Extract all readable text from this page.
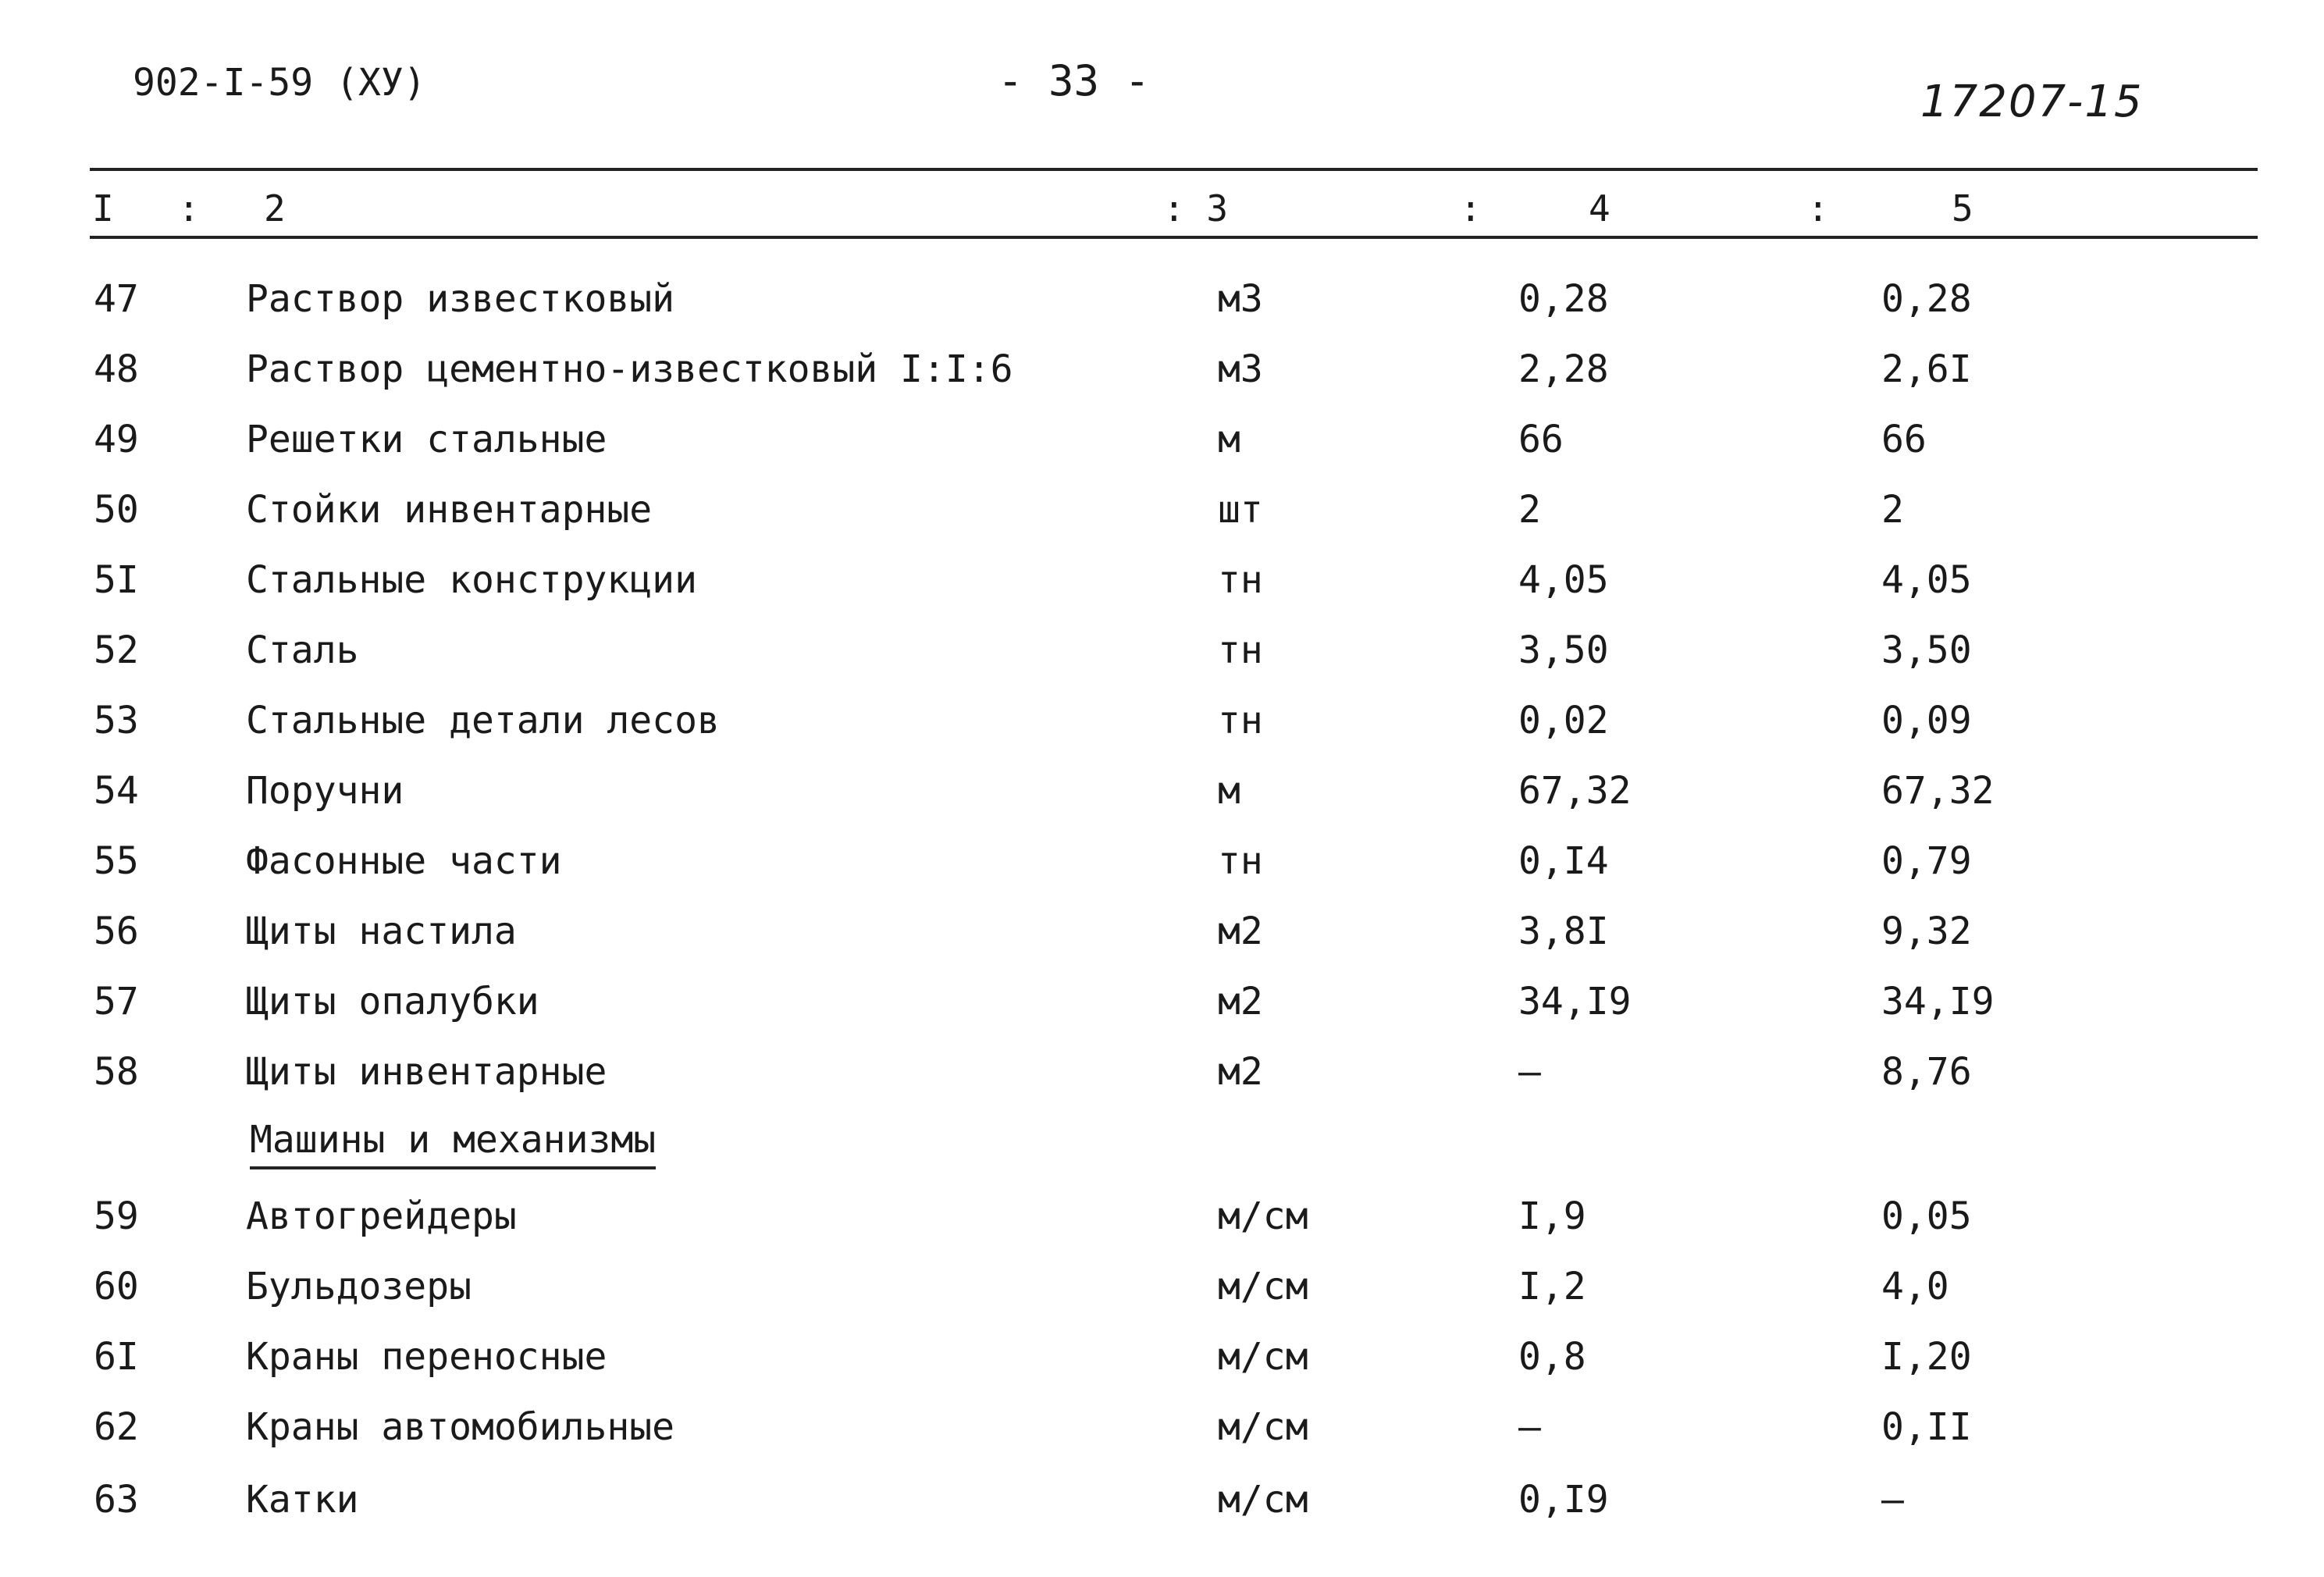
902-I-59 (XУ)	- 33 -	17207-15
I : 2	: 3	:	4	:	5
47	Раствор известковый	м3	0,28	0,28
48	Раствор цементно-известковый I:I:6	м3	2,28	2,6I
49	Решетки стальные	м	66	66
50	Стойки инвентарные	шт	2	2
5I	Стальные конструкции	тн	4,05	4,05
52	Сталь	тн	3,50	3,50
53	Стальные детали лесов	тн	0,02	0,09
54	Поручни	м	67,32	67,32
55	Фасонные части	тн	0,I4	0,79
56	Щиты настила	м2	3,8I	9,32
57	Щиты опалубки	м2	34,I9	34,I9
58	Щиты инвентарные	м2	–	8,76
Машины и механизмы
59	Автогрейдеры	м/см	I,9	0,05
60	Бульдозеры	м/см	I,2	4,0
6I	Краны переносные	м/см	0,8	I,20
62	Краны автомобильные	м/см	–	0,II
63	Катки	м/см	0,I9	–
